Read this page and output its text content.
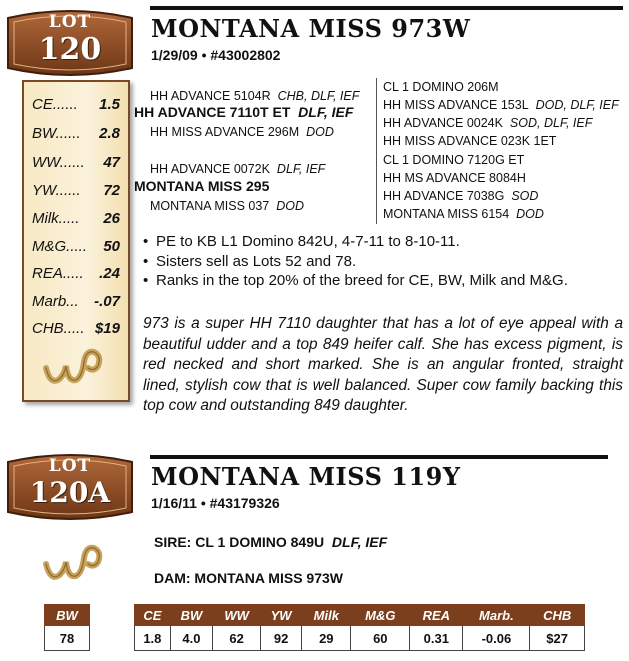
LOT
120
CE...... 1.5
BW...... 2.8
WW...... 47
YW...... 72
Milk..... 26
M&G..... 50
REA..... .24
Marb... -.07
CHB..... $19
MONTANA MISS 973W
1/29/09 • #43002802
HH ADVANCE 5104R CHB, DLF, IEF
HH ADVANCE 7110T ET DLF, IEF
HH MISS ADVANCE 296M DOD
HH ADVANCE 0072K DLF, IEF
MONTANA MISS 295
MONTANA MISS 037 DOD
CL 1 DOMINO 206M
HH MISS ADVANCE 153L DOD, DLF, IEF
HH ADVANCE 0024K SOD, DLF, IEF
HH MISS ADVANCE 023K 1ET
CL 1 DOMINO 7120G ET
HH MS ADVANCE 8084H
HH ADVANCE 7038G SOD
MONTANA MISS 6154 DOD
• PE to KB L1 Domino 842U, 4-7-11 to 8-10-11.
• Sisters sell as Lots 52 and 78.
• Ranks in the top 20% of the breed for CE, BW, Milk and M&G.
973 is a super HH 7110 daughter that has a lot of eye appeal with a beautiful udder and a top 849 heifer calf. She has excess pigment, is red necked and short marked. She is an angular fronted, straight lined, stylish cow that is well balanced. Super cow family backing this top cow and outstanding 849 daughter.
LOT
120A	MONTANA MISS 119Y
1/16/11 • #43179326
SIRE: CL 1 DOMINO 849U DLF, IEF
DAM: MONTANA MISS 973W
BW
78
CE	BW	WW	YW	Milk	M&G	REA	Marb.	CHB
1.8	4.0	62	92	29	60	0.31	-0.06	$27
